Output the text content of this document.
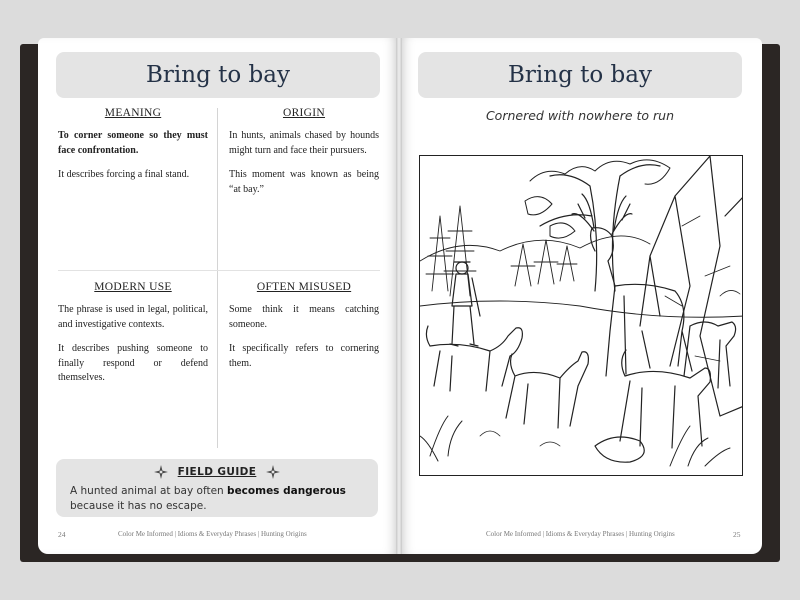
Bring to bay
MEANING

To corner someone so they must face confrontation.

It describes forcing a final stand.

ORIGIN

In hunts, animals chased by hounds might turn and face their pursuers.

This moment was known as being “at bay.”

MODERN USE

The phrase is used in legal, political, and investigative contexts.

It describes pushing someone to finally respond or defend themselves.

OFTEN MISUSED

Some think it means catching someone.

It specifically refers to cornering them.

FIELD GUIDE
A hunted animal at bay often becomes dangerous because it has no escape.
24	Color Me Informed | Idioms & Everyday Phrases | Hunting Origins
Bring to bay
Cornered with nowhere to run
Color Me Informed | Idioms & Everyday Phrases | Hunting Origins	25
